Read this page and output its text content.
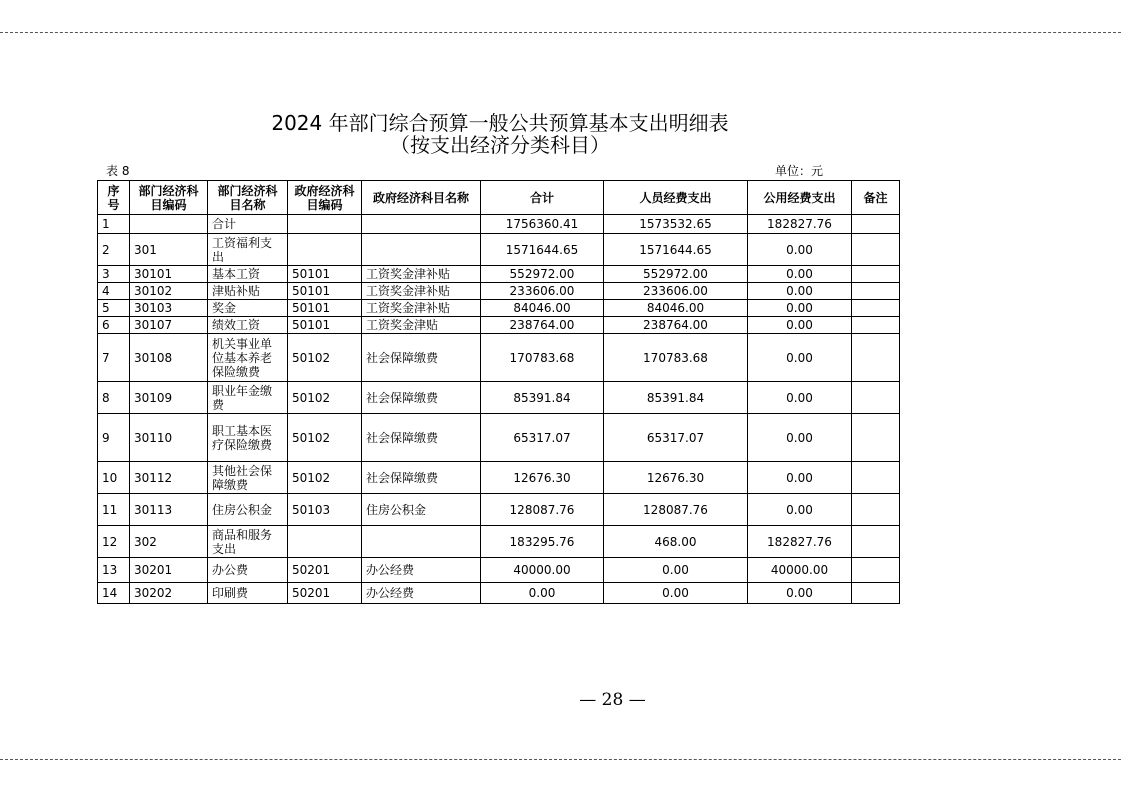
2024 年部门综合预算一般公共预算基本支出明细表
（按支出经济分类科目）
表 8	单位：元
序号	部门经济科目编码	部门经济科目名称	政府经济科目编码	政府经济科目名称	合计	人员经费支出	公用经费支出	备注
1		合计			1756360.41	1573532.65	182827.76	
2	301	工资福利支出			1571644.65	1571644.65	0.00	
3	30101	基本工资	50101	工资奖金津补贴	552972.00	552972.00	0.00	
4	30102	津贴补贴	50101	工资奖金津补贴	233606.00	233606.00	0.00	
5	30103	奖金	50101	工资奖金津补贴	84046.00	84046.00	0.00	
6	30107	绩效工资	50101	工资奖金津贴	238764.00	238764.00	0.00	
7	30108	机关事业单位基本养老保险缴费	50102	社会保障缴费	170783.68	170783.68	0.00	
8	30109	职业年金缴费	50102	社会保障缴费	85391.84	85391.84	0.00	
9	30110	职工基本医疗保险缴费	50102	社会保障缴费	65317.07	65317.07	0.00	
10	30112	其他社会保障缴费	50102	社会保障缴费	12676.30	12676.30	0.00	
11	30113	住房公积金	50103	住房公积金	128087.76	128087.76	0.00	
12	302	商品和服务支出			183295.76	468.00	182827.76	
13	30201	办公费	50201	办公经费	40000.00	0.00	40000.00	
14	30202	印刷费	50201	办公经费	0.00	0.00	0.00	
— 28 —
